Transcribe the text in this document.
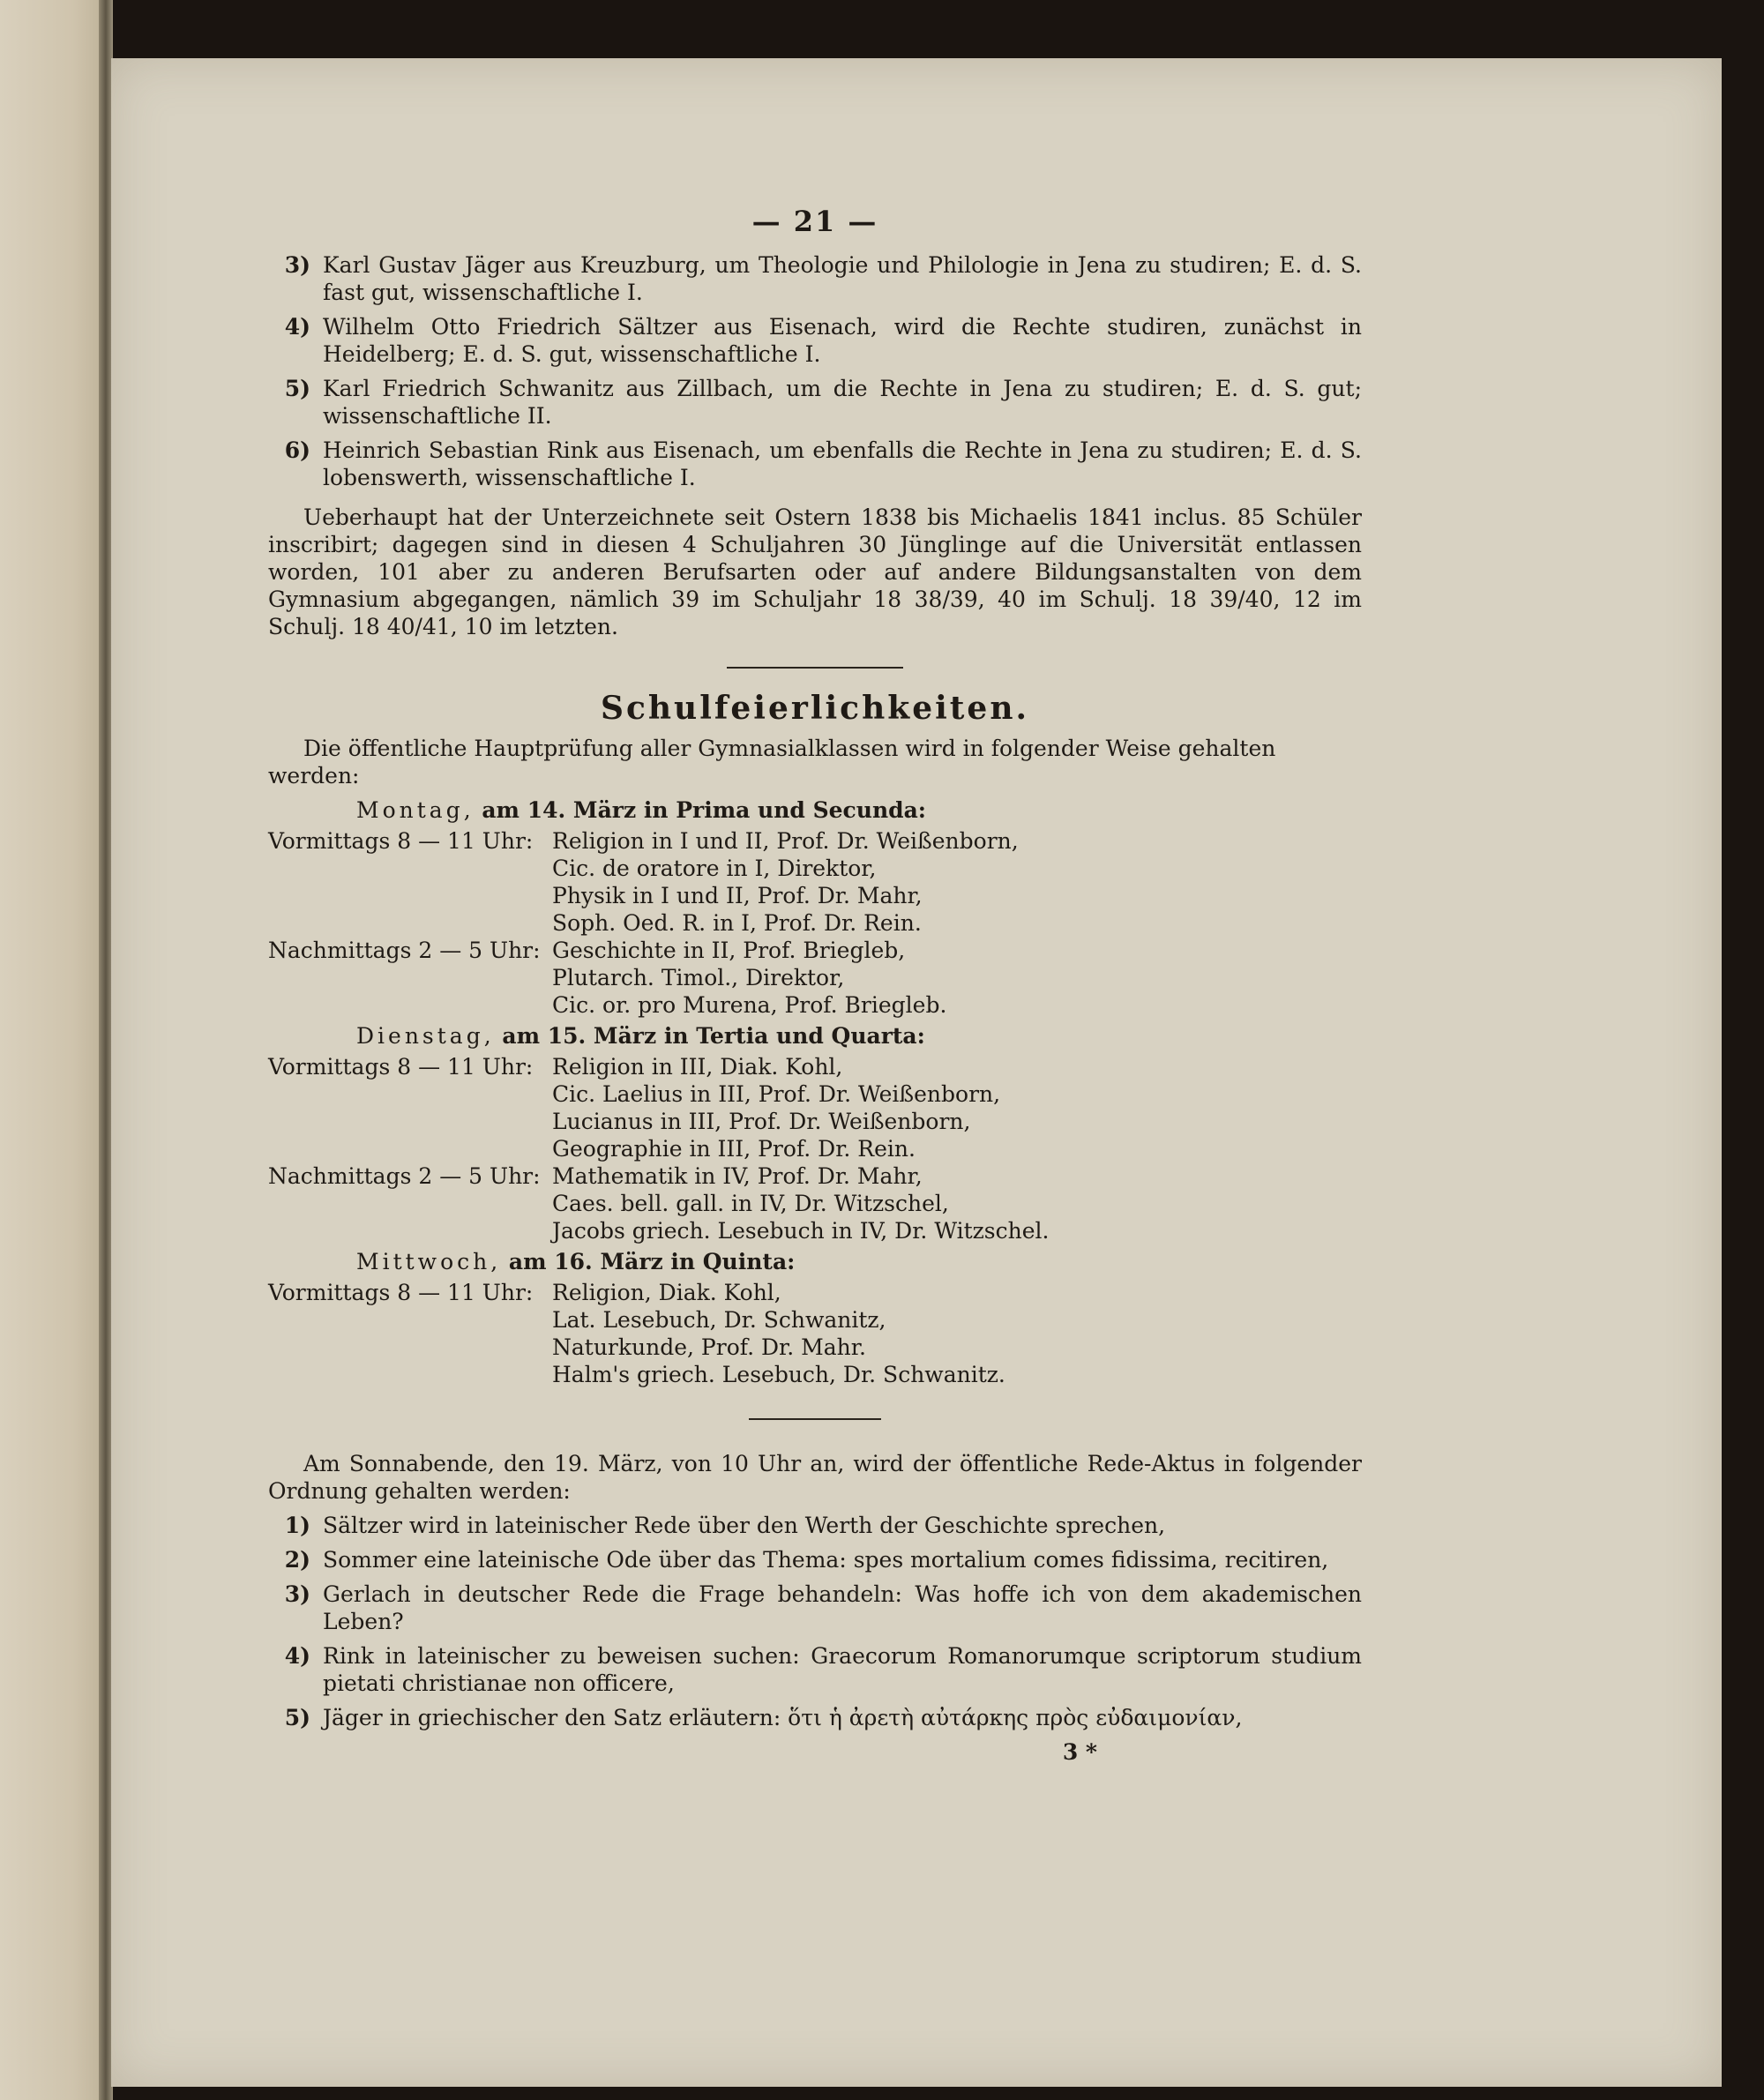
— 21 —
3) Karl Gustav Jäger aus Kreuzburg, um Theologie und Philologie in Jena zu studiren; E. d. S. fast gut, wissenschaftliche I.
4) Wilhelm Otto Friedrich Sältzer aus Eisenach, wird die Rechte studiren, zunächst in Heidelberg; E. d. S. gut, wissenschaftliche I.
5) Karl Friedrich Schwanitz aus Zillbach, um die Rechte in Jena zu studiren; E. d. S. gut; wissenschaftliche II.
6) Heinrich Sebastian Rink aus Eisenach, um ebenfalls die Rechte in Jena zu studiren; E. d. S. lobenswerth, wissenschaftliche I.
Ueberhaupt hat der Unterzeichnete seit Ostern 1838 bis Michaelis 1841 inclus. 85 Schüler inscribirt; dagegen sind in diesen 4 Schuljahren 30 Jünglinge auf die Universität entlassen worden, 101 aber zu anderen Berufsarten oder auf andere Bildungsanstalten von dem Gymnasium abgegangen, nämlich 39 im Schuljahr 18 38/39, 40 im Schulj. 18 39/40, 12 im Schulj. 18 40/41, 10 im letzten.
Schulfeierlichkeiten.
Die öffentliche Hauptprüfung aller Gymnasialklassen wird in folgender Weise gehalten werden:
Montag, am 14. März in Prima und Secunda:
Vormittags 8 — 11 Uhr: Religion in I und II, Prof. Dr. Weißenborn,
Cic. de oratore in I, Direktor,
Physik in I und II, Prof. Dr. Mahr,
Soph. Oed. R. in I, Prof. Dr. Rein.
Nachmittags 2 — 5 Uhr: Geschichte in II, Prof. Briegleb,
Plutarch. Timol., Direktor,
Cic. or. pro Murena, Prof. Briegleb.
Dienstag, am 15. März in Tertia und Quarta:
Vormittags 8 — 11 Uhr: Religion in III, Diak. Kohl,
Cic. Laelius in III, Prof. Dr. Weißenborn,
Lucianus in III, Prof. Dr. Weißenborn,
Geographie in III, Prof. Dr. Rein.
Nachmittags 2 — 5 Uhr: Mathematik in IV, Prof. Dr. Mahr,
Caes. bell. gall. in IV, Dr. Witzschel,
Jacobs griech. Lesebuch in IV, Dr. Witzschel.
Mittwoch, am 16. März in Quinta:
Vormittags 8 — 11 Uhr: Religion, Diak. Kohl,
Lat. Lesebuch, Dr. Schwanitz,
Naturkunde, Prof. Dr. Mahr.
Halm's griech. Lesebuch, Dr. Schwanitz.
Am Sonnabende, den 19. März, von 10 Uhr an, wird der öffentliche Rede-Aktus in folgender Ordnung gehalten werden:
1) Sältzer wird in lateinischer Rede über den Werth der Geschichte sprechen,
2) Sommer eine lateinische Ode über das Thema: spes mortalium comes fidissima, recitiren,
3) Gerlach in deutscher Rede die Frage behandeln: Was hoffe ich von dem akademischen Leben?
4) Rink in lateinischer zu beweisen suchen: Graecorum Romanorumque scriptorum studium pietati christianae non officere,
5) Jäger in griechischer den Satz erläutern: ὅτι ἡ ἀρετὴ αὐτάρκης πρὸς εὐδαιμονίαν,
3 *
